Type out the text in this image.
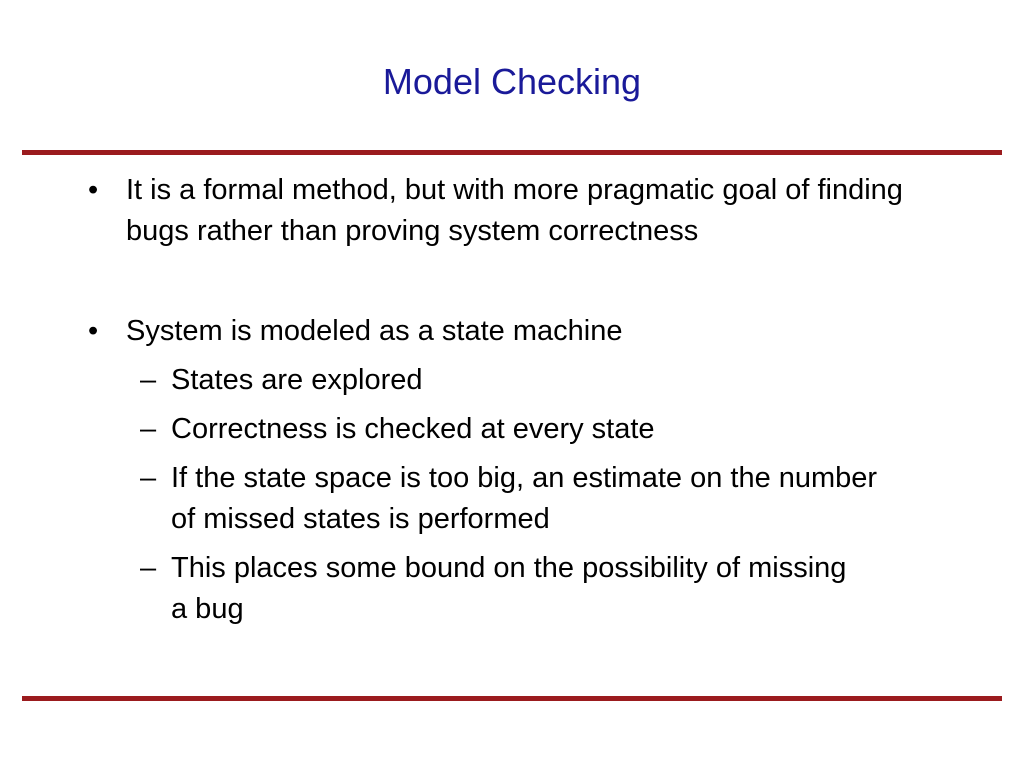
Model Checking
• It is a formal method, but with more pragmatic goal of finding bugs rather than proving system correctness
• System is modeled as a state machine
– States are explored
– Correctness is checked at every state
– If the state space is too big, an estimate on the number of missed states is performed
– This places some bound on the possibility of missing a bug
